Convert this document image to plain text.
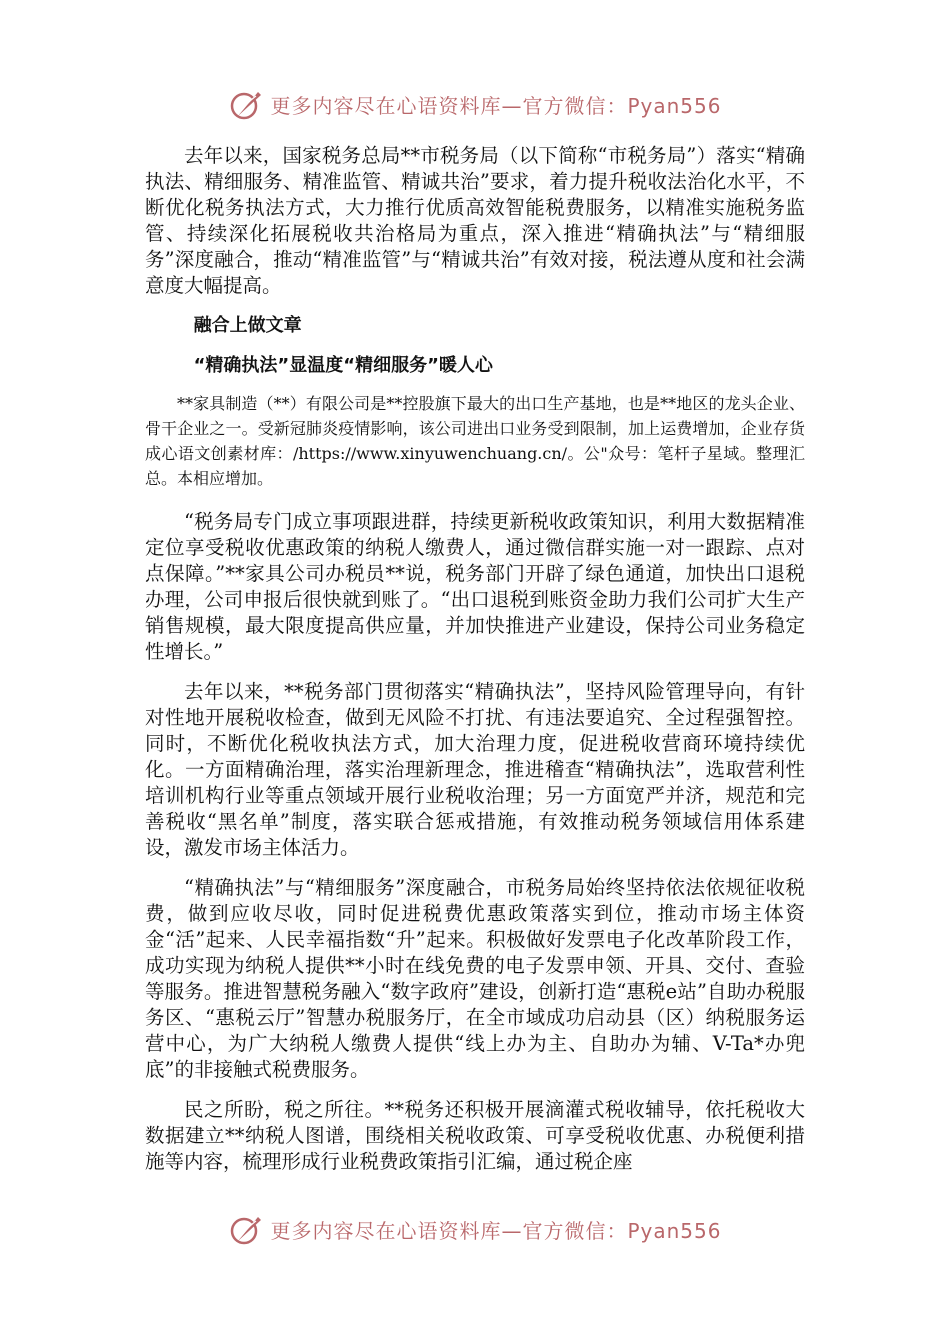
更多内容尽在心语资料库—官方微信：Pyan556

去年以来，国家税务总局**市税务局（以下简称“市税务局”）落实“精确执法、精细服务、精准监管、精诚共治”要求，着力提升税收法治化水平，不断优化税务执法方式，大力推行优质高效智能税费服务，以精准实施税务监管、持续深化拓展税收共治格局为重点，深入推进“精确执法”与“精细服务”深度融合，推动“精准监管”与“精诚共治”有效对接，税法遵从度和社会满意度大幅提高。

融合上做文章

“精确执法”显温度“精细服务”暖人心

**家具制造（**）有限公司是**控股旗下最大的出口生产基地，也是**地区的龙头企业、骨干企业之一。受新冠肺炎疫情影响，该公司进出口业务受到限制，加上运费增加，企业存货成心语文创素材库：/https://www.xinyuwenchuang.cn/。公"众号：笔杆子星域。整理汇总。本相应增加。

“税务局专门成立事项跟进群，持续更新税收政策知识，利用大数据精准定位享受税收优惠政策的纳税人缴费人，通过微信群实施一对一跟踪、点对点保障。”**家具公司办税员**说，税务部门开辟了绿色通道，加快出口退税办理，公司申报后很快就到账了。“出口退税到账资金助力我们公司扩大生产销售规模，最大限度提高供应量，并加快推进产业建设，保持公司业务稳定性增长。”

去年以来，**税务部门贯彻落实“精确执法”，坚持风险管理导向，有针对性地开展税收检查，做到无风险不打扰、有违法要追究、全过程强智控。同时，不断优化税收执法方式，加大治理力度，促进税收营商环境持续优化。一方面精确治理，落实治理新理念，推进稽查“精确执法”，选取营利性培训机构行业等重点领域开展行业税收治理；另一方面宽严并济，规范和完善税收“黑名单”制度，落实联合惩戒措施，有效推动税务领域信用体系建设，激发市场主体活力。

“精确执法”与“精细服务”深度融合，市税务局始终坚持依法依规征收税费，做到应收尽收，同时促进税费优惠政策落实到位，推动市场主体资金“活”起来、人民幸福指数“升”起来。积极做好发票电子化改革阶段工作，成功实现为纳税人提供**小时在线免费的电子发票申领、开具、交付、查验等服务。推进智慧税务融入“数字政府”建设，创新打造“惠税e站”自助办税服务区、“惠税云厅”智慧办税服务厅，在全市域成功启动县（区）纳税服务运营中心，为广大纳税人缴费人提供“线上办为主、自助办为辅、V-Ta*办兜底”的非接触式税费服务。

民之所盼，税之所往。**税务还积极开展滴灌式税收辅导，依托税收大数据建立**纳税人图谱，围绕相关税收政策、可享受税收优惠、办税便利措施等内容，梳理形成行业税费政策指引汇编，通过税企座

更多内容尽在心语资料库—官方微信：Pyan556
